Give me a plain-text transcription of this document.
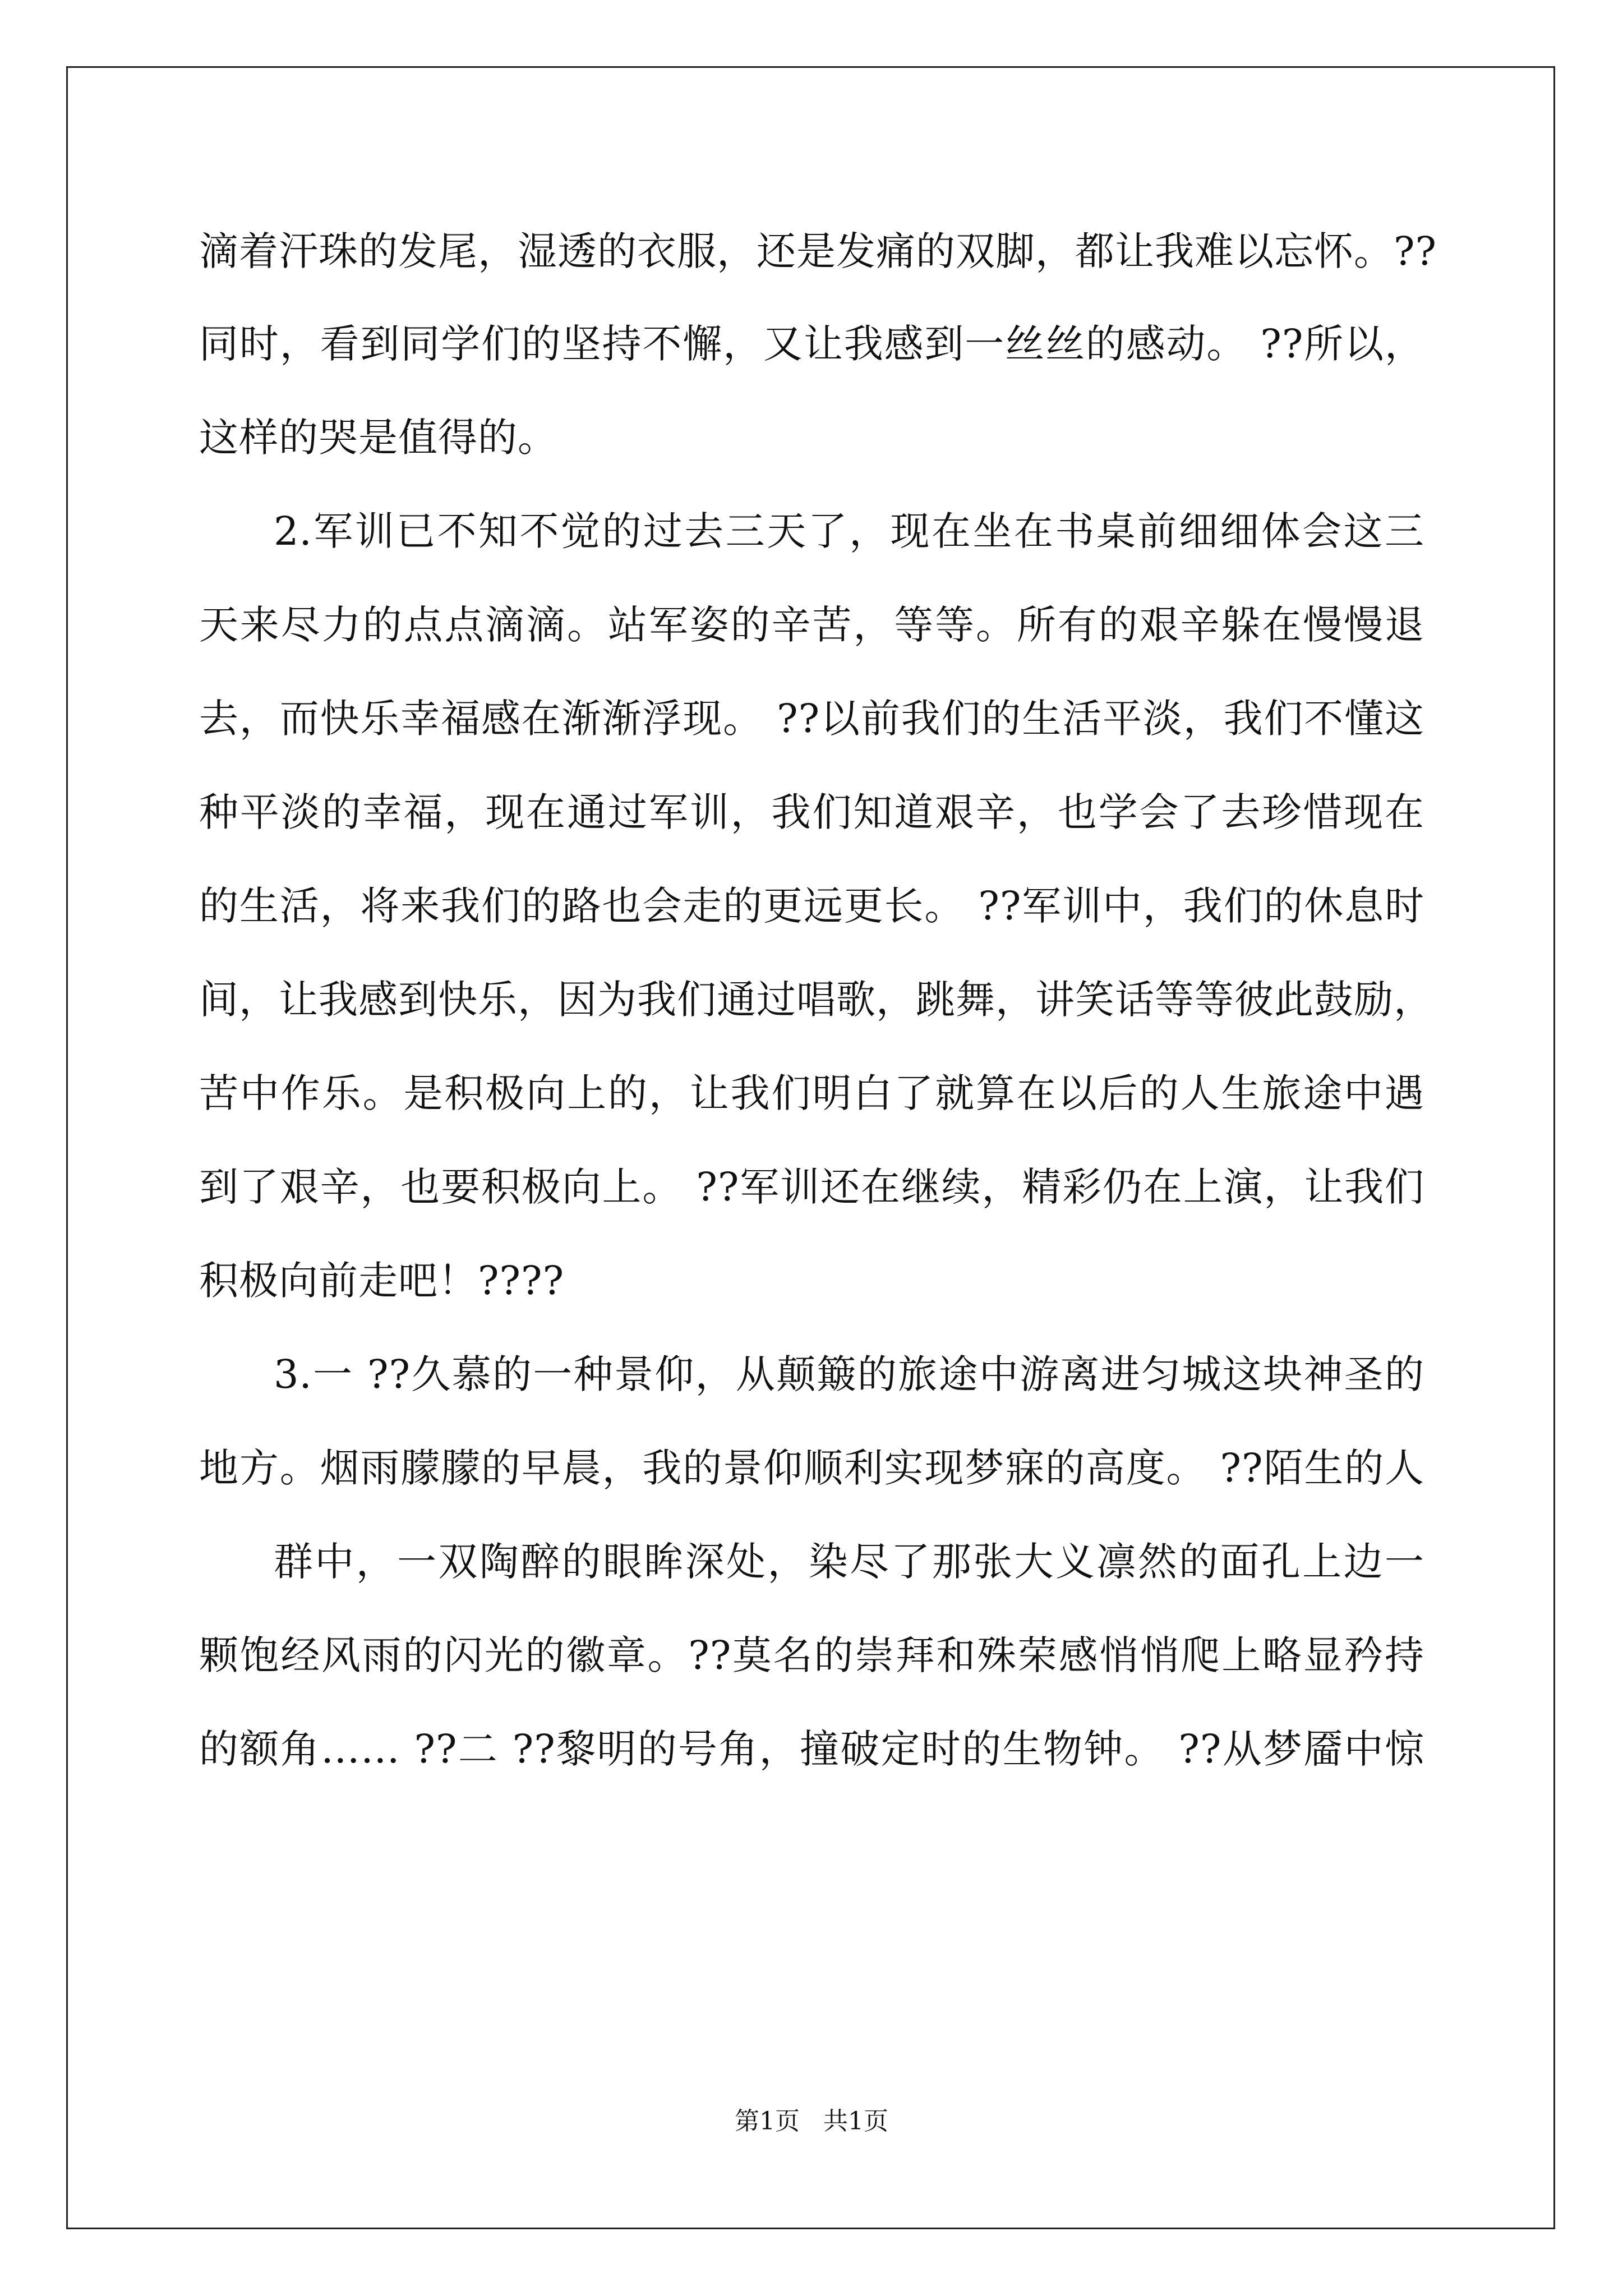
滴着汗珠的发尾，湿透的衣服，还是发痛的双脚，都让我难以忘怀。??
同时，看到同学们的坚持不懈，又让我感到一丝丝的感动。 ??所以，
这样的哭是值得的。
2.军训已不知不觉的过去三天了，现在坐在书桌前细细体会这三
天来尽力的点点滴滴。站军姿的辛苦，等等。所有的艰辛躲在慢慢退
去，而快乐幸福感在渐渐浮现。 ??以前我们的生活平淡，我们不懂这
种平淡的幸福，现在通过军训，我们知道艰辛，也学会了去珍惜现在
的生活，将来我们的路也会走的更远更长。 ??军训中，我们的休息时
间，让我感到快乐，因为我们通过唱歌，跳舞，讲笑话等等彼此鼓励，
苦中作乐。是积极向上的，让我们明白了就算在以后的人生旅途中遇
到了艰辛，也要积极向上。 ??军训还在继续，精彩仍在上演，让我们
积极向前走吧！????
3.一 ??久慕的一种景仰，从颠簸的旅途中游离进匀城这块神圣的
地方。烟雨朦朦的早晨，我的景仰顺利实现梦寐的高度。 ??陌生的人
群中，一双陶醉的眼眸深处，染尽了那张大义凛然的面孔上边一
颗饱经风雨的闪光的徽章。??莫名的崇拜和殊荣感悄悄爬上略显矜持
的额角…… ??二 ??黎明的号角，撞破定时的生物钟。 ??从梦靥中惊
第1页   共1页
